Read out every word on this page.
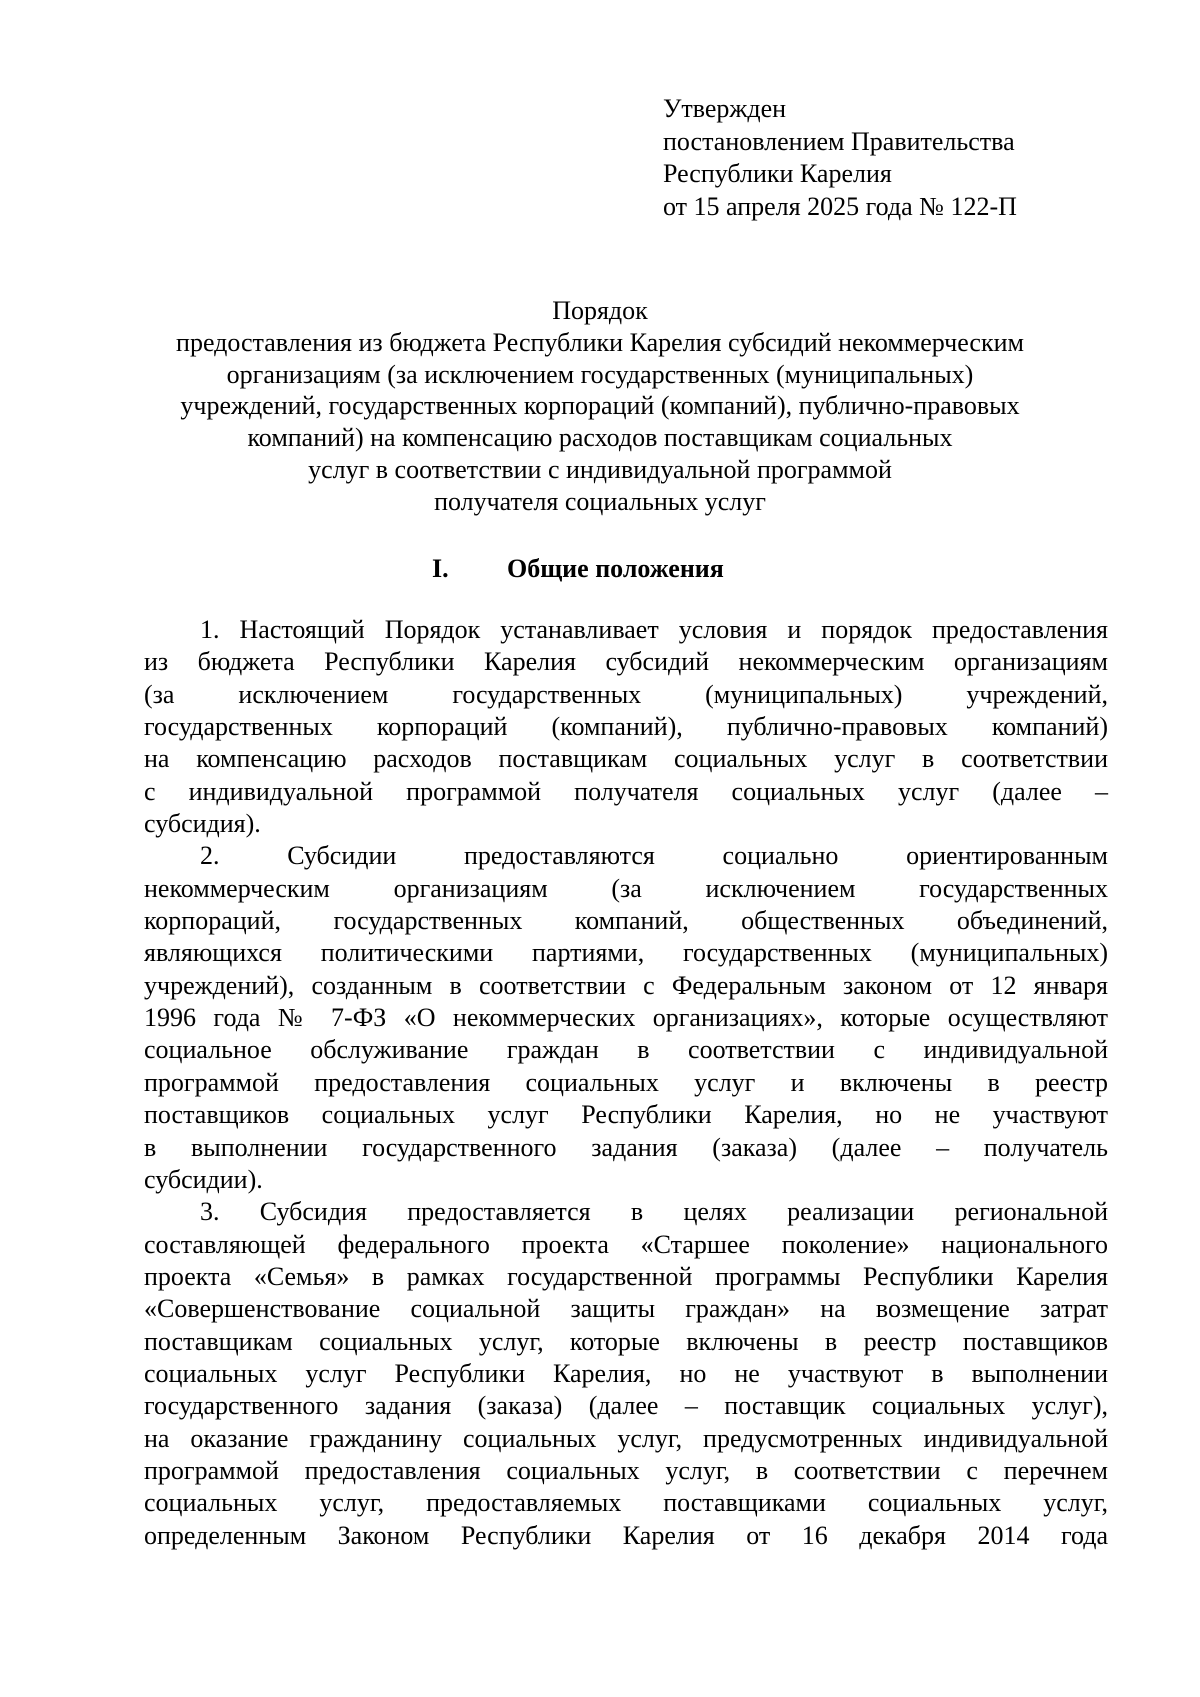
Утвержден
постановлением Правительства
Республики Карелия
от 15 апреля 2025 года № 122-П
Порядок
предоставления из бюджета Республики Карелия субсидий некоммерческим
организациям (за исключением государственных (муниципальных)
учреждений, государственных корпораций (компаний), публично-правовых
компаний) на компенсацию расходов поставщикам социальных
услуг в соответствии с индивидуальной программой
получателя социальных услуг
I. Общие положения
1. Настоящий Порядок устанавливает условия и порядок предоставления
из бюджета Республики Карелия субсидий некоммерческим организациям
(за исключением государственных (муниципальных) учреждений,
государственных корпораций (компаний), публично-правовых компаний)
на компенсацию расходов поставщикам социальных услуг в соответствии
с индивидуальной программой получателя социальных услуг (далее –
субсидия).
2. Субсидии предоставляются социально ориентированным
некоммерческим организациям (за исключением государственных
корпораций, государственных компаний, общественных объединений,
являющихся политическими партиями, государственных (муниципальных)
учреждений), созданным в соответствии с Федеральным законом от 12 января
1996 года № 7-ФЗ «О некоммерческих организациях», которые осуществляют
социальное обслуживание граждан в соответствии с индивидуальной
программой предоставления социальных услуг и включены в реестр
поставщиков социальных услуг Республики Карелия, но не участвуют
в выполнении государственного задания (заказа) (далее – получатель
субсидии).
3. Субсидия предоставляется в целях реализации региональной
составляющей федерального проекта «Старшее поколение» национального
проекта «Семья» в рамках государственной программы Республики Карелия
«Совершенствование социальной защиты граждан» на возмещение затрат
поставщикам социальных услуг, которые включены в реестр поставщиков
социальных услуг Республики Карелия, но не участвуют в выполнении
государственного задания (заказа) (далее – поставщик социальных услуг),
на оказание гражданину социальных услуг, предусмотренных индивидуальной
программой предоставления социальных услуг, в соответствии с перечнем
социальных услуг, предоставляемых поставщиками социальных услуг,
определенным Законом Республики Карелия от 16 декабря 2014 года
